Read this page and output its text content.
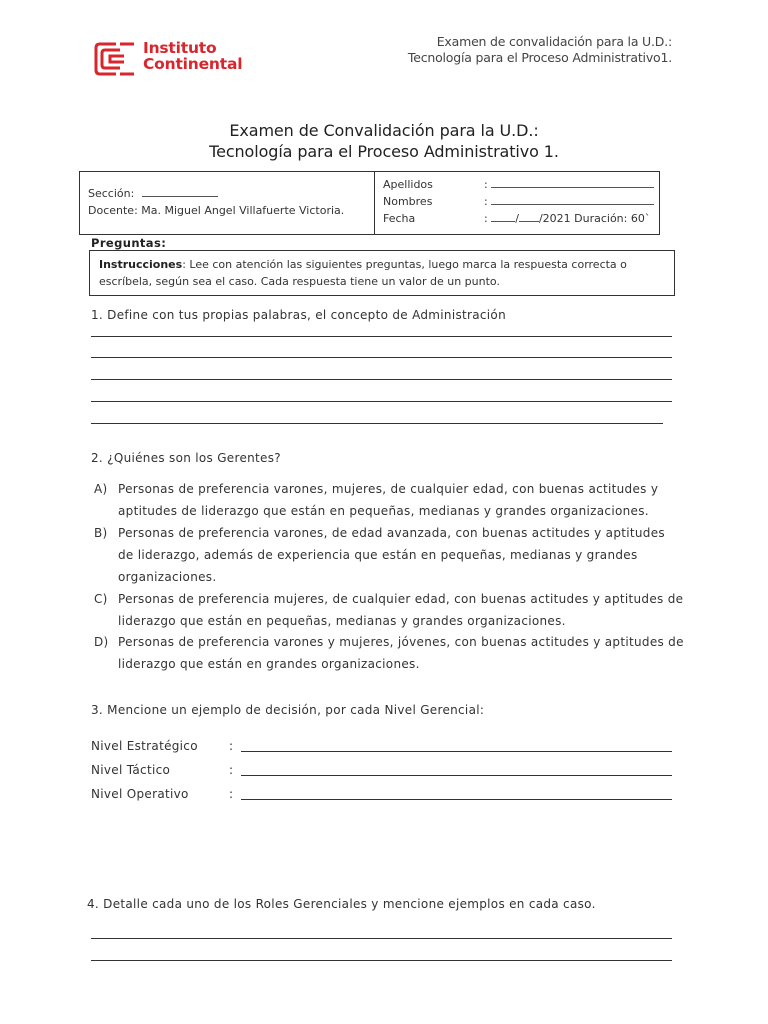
Instituto
Continental
Examen de convalidación para la U.D.:
Tecnología para el Proceso Administrativo1.
Examen de Convalidación para la U.D.:
Tecnología para el Proceso Administrativo 1.
Sección:
Docente: Ma. Miguel Angel Villafuerte Victoria.
Apellidos	:
Nombres	:
Fecha	:	/ /2021 Duración: 60`
Preguntas:
Instrucciones: Lee con atención las siguientes preguntas, luego marca la respuesta correcta o escríbela, según sea el caso. Cada respuesta tiene un valor de un punto.
1. Define con tus propias palabras, el concepto de Administración
2. ¿Quiénes son los Gerentes?
A) Personas de preferencia varones, mujeres, de cualquier edad, con buenas actitudes y aptitudes de liderazgo que están en pequeñas, medianas y grandes organizaciones.
B) Personas de preferencia varones, de edad avanzada, con buenas actitudes y aptitudes de liderazgo, además de experiencia que están en pequeñas, medianas y grandes organizaciones.
C) Personas de preferencia mujeres, de cualquier edad, con buenas actitudes y aptitudes de liderazgo que están en pequeñas, medianas y grandes organizaciones.
D) Personas de preferencia varones y mujeres, jóvenes, con buenas actitudes y aptitudes de liderazgo que están en grandes organizaciones.
3. Mencione un ejemplo de decisión, por cada Nivel Gerencial:
Nivel Estratégico	:
Nivel Táctico	:
Nivel Operativo	:
4. Detalle cada uno de los Roles Gerenciales y mencione ejemplos en cada caso.
